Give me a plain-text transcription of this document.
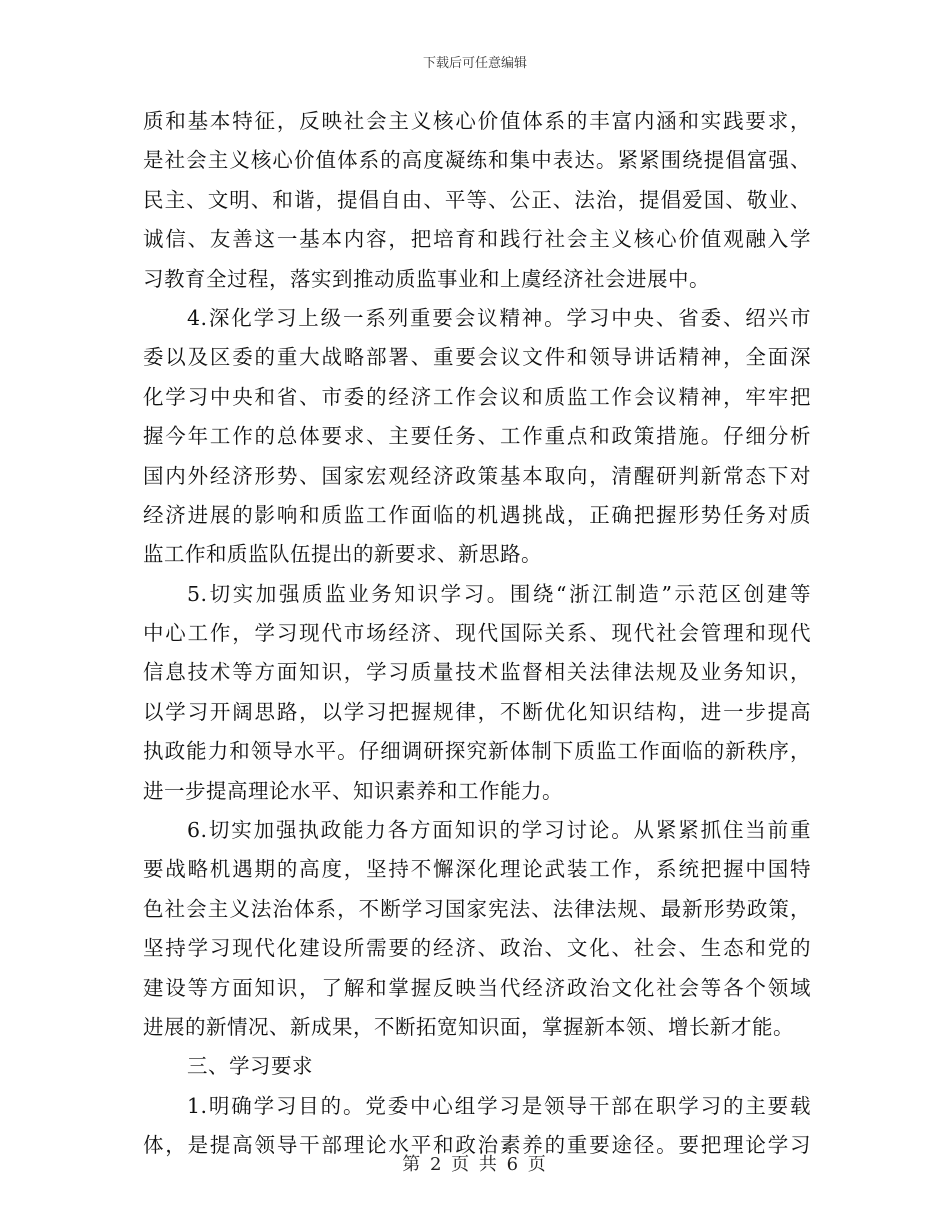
下载后可任意编辑
质和基本特征，反映社会主义核心价值体系的丰富内涵和实践要求，
是社会主义核心价值体系的高度凝练和集中表达。紧紧围绕提倡富强、
民主、文明、和谐，提倡自由、平等、公正、法治，提倡爱国、敬业、
诚信、友善这一基本内容，把培育和践行社会主义核心价值观融入学
习教育全过程，落实到推动质监事业和上虞经济社会进展中。
4.深化学习上级一系列重要会议精神。学习中央、省委、绍兴市
委以及区委的重大战略部署、重要会议文件和领导讲话精神，全面深
化学习中央和省、市委的经济工作会议和质监工作会议精神，牢牢把
握今年工作的总体要求、主要任务、工作重点和政策措施。仔细分析
国内外经济形势、国家宏观经济政策基本取向，清醒研判新常态下对
经济进展的影响和质监工作面临的机遇挑战，正确把握形势任务对质
监工作和质监队伍提出的新要求、新思路。
5.切实加强质监业务知识学习。围绕“浙江制造”示范区创建等
中心工作，学习现代市场经济、现代国际关系、现代社会管理和现代
信息技术等方面知识，学习质量技术监督相关法律法规及业务知识，
以学习开阔思路，以学习把握规律，不断优化知识结构，进一步提高
执政能力和领导水平。仔细调研探究新体制下质监工作面临的新秩序，
进一步提高理论水平、知识素养和工作能力。
6.切实加强执政能力各方面知识的学习讨论。从紧紧抓住当前重
要战略机遇期的高度，坚持不懈深化理论武装工作，系统把握中国特
色社会主义法治体系，不断学习国家宪法、法律法规、最新形势政策，
坚持学习现代化建设所需要的经济、政治、文化、社会、生态和党的
建设等方面知识，了解和掌握反映当代经济政治文化社会等各个领域
进展的新情况、新成果，不断拓宽知识面，掌握新本领、增长新才能。
三、学习要求
1.明确学习目的。党委中心组学习是领导干部在职学习的主要载
体，是提高领导干部理论水平和政治素养的重要途径。要把理论学习
第 2 页 共 6 页
